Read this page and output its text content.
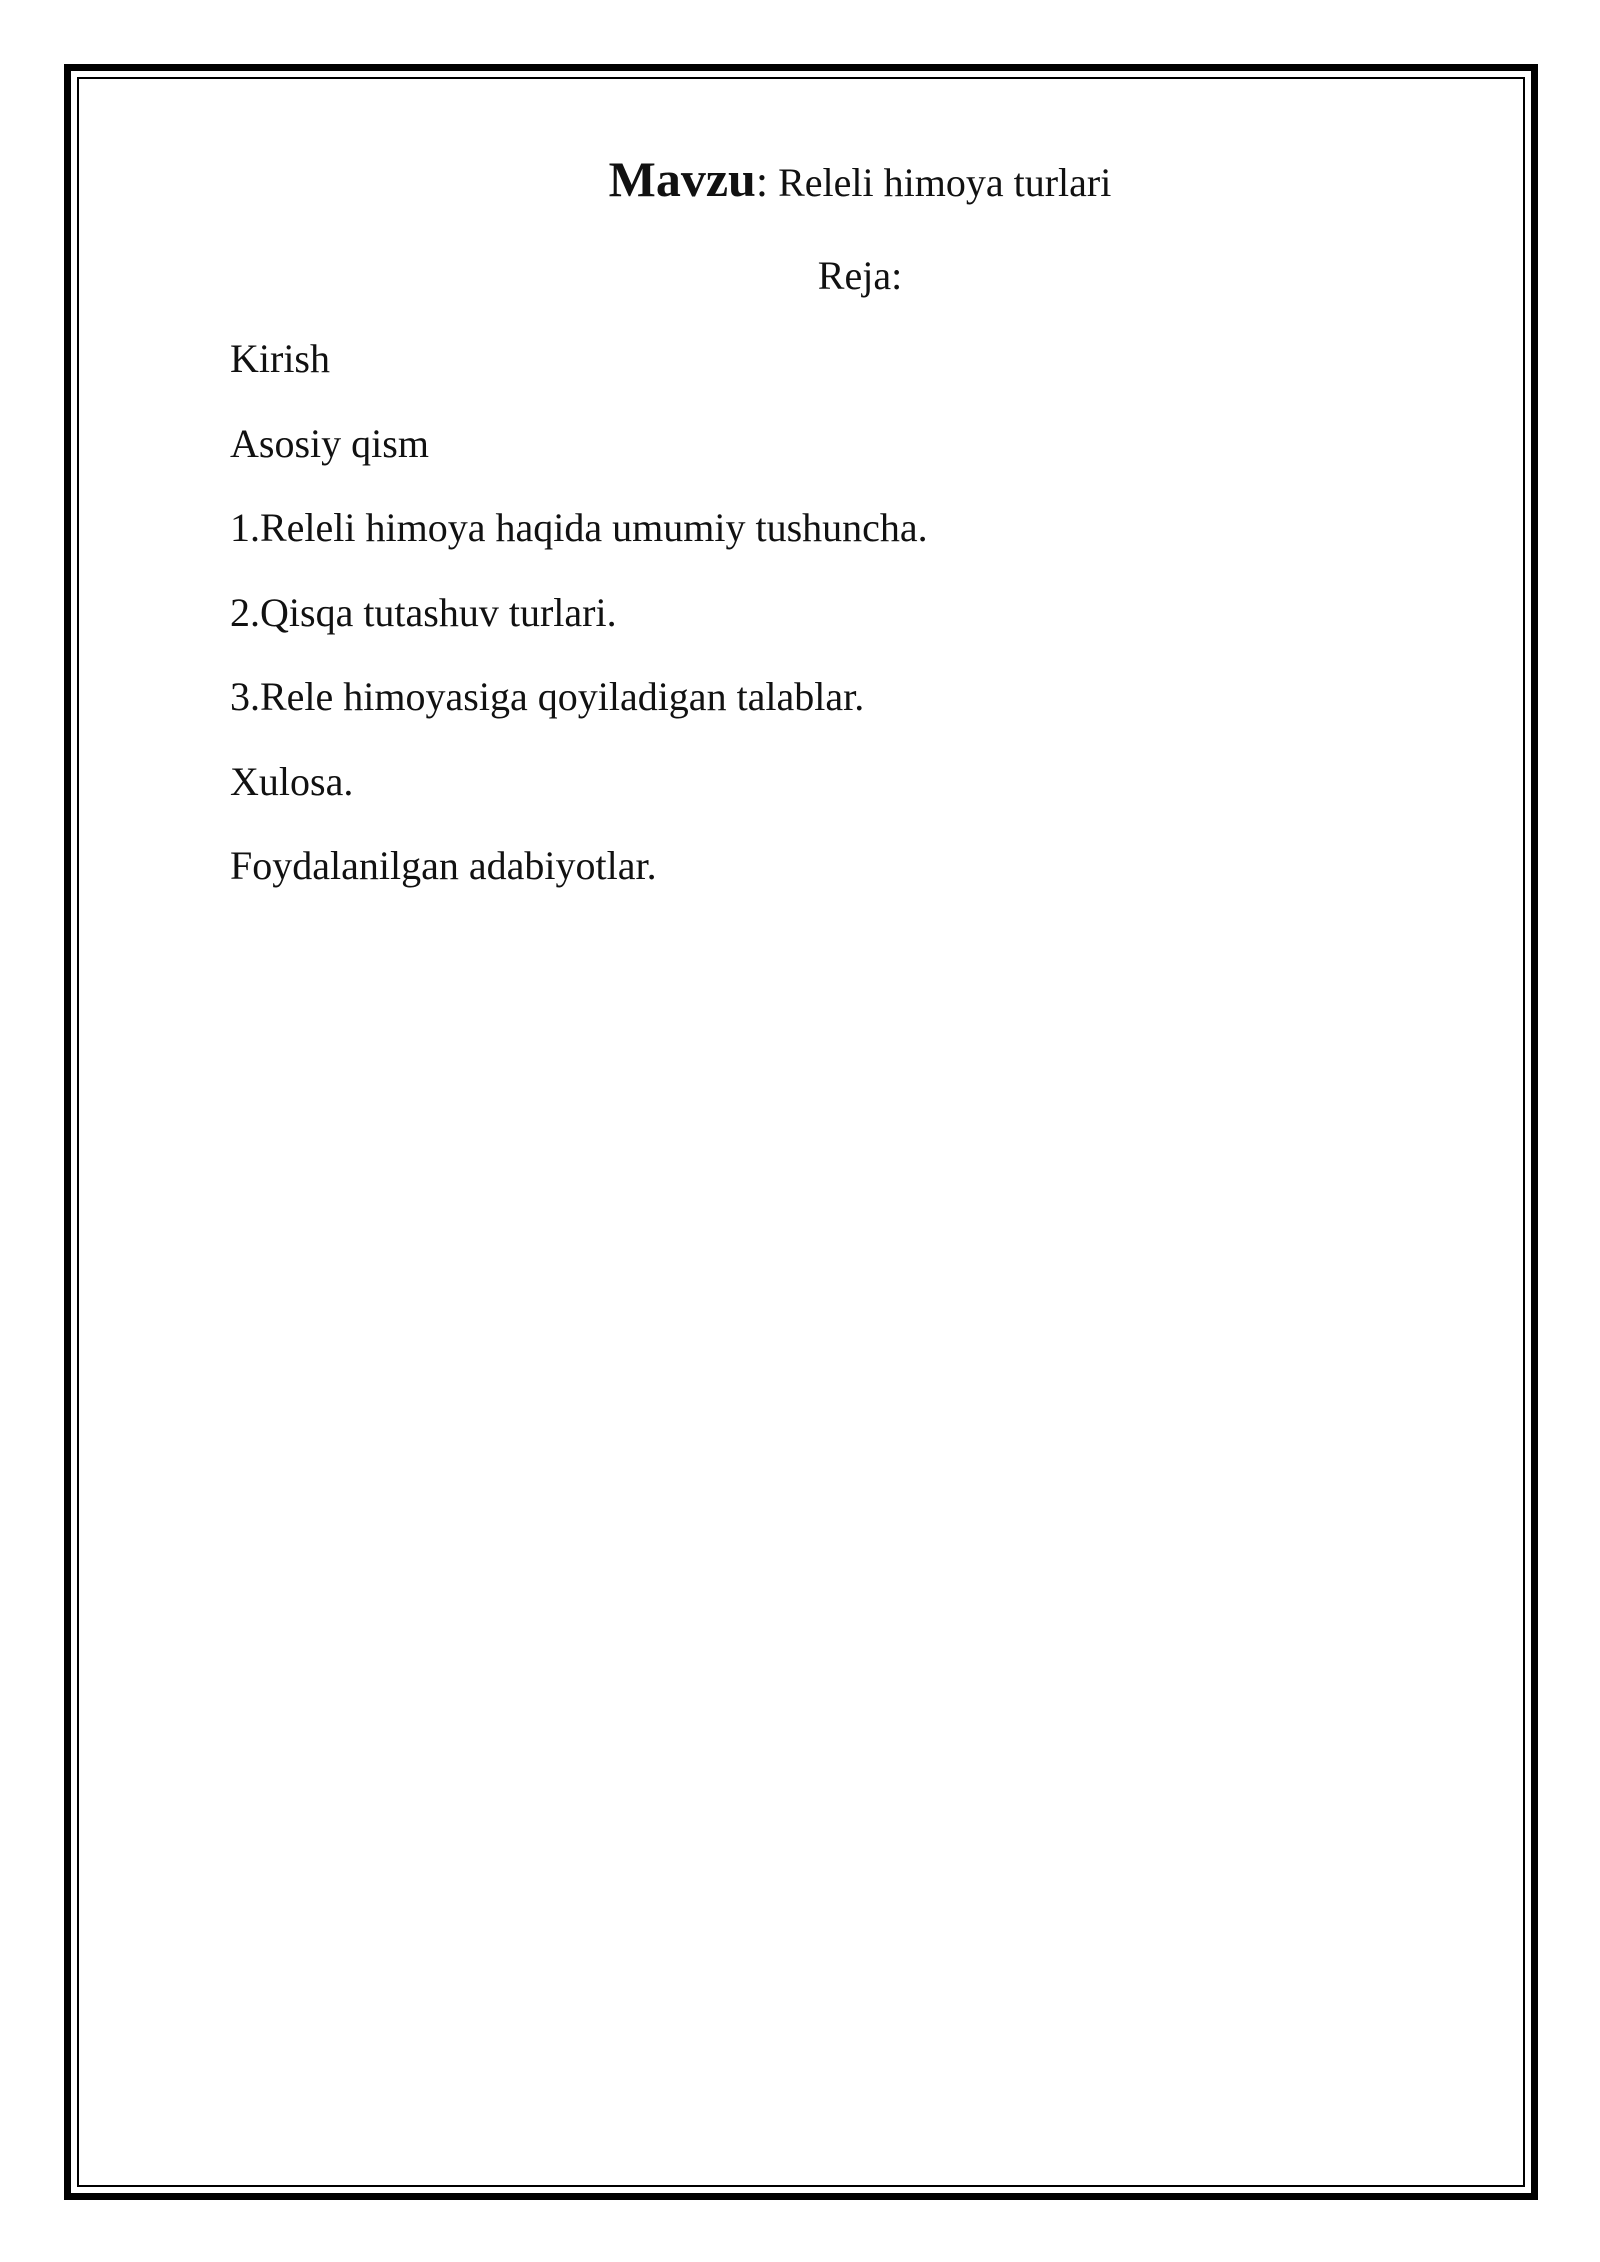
Mavzu: Releli himoya turlari
Reja:
Kirish
Asosiy qism
1.Releli himoya haqida umumiy tushuncha.
2.Qisqa tutashuv turlari.
3.Rele himoyasiga qoyiladigan talablar.
Xulosa.
Foydalanilgan adabiyotlar.
